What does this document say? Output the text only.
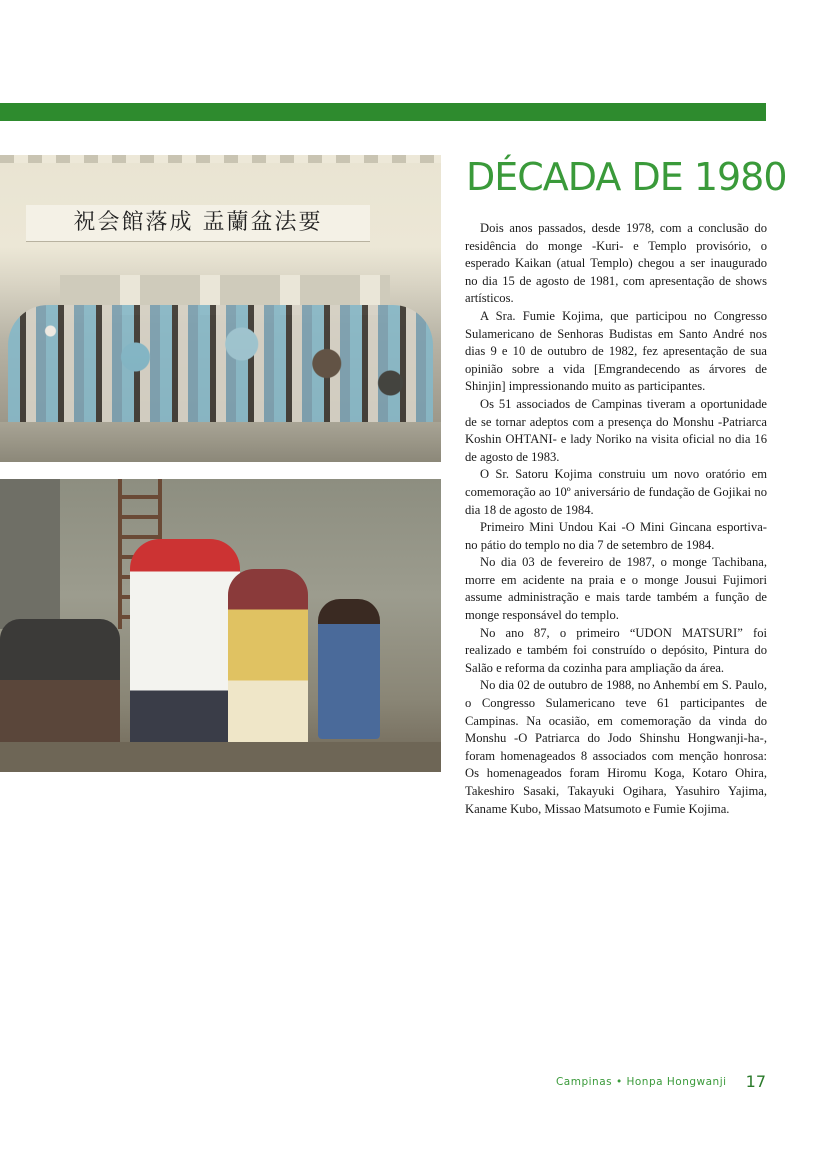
祝会館落成 盂蘭盆法要
DÉCADA DE 1980

Dois anos passados, desde 1978, com a conclusão do residência do monge -Kuri- e Templo provisório, o esperado Kaikan (atual Templo) chegou a ser inaugurado no dia 15 de agosto de 1981, com apresentação de shows artísticos.

A Sra. Fumie Kojima, que participou no Congresso Sulamericano de Senhoras Budistas em Santo André nos dias 9 e 10 de outubro de 1982, fez apresentação de sua opinião sobre a vida [Emgrandecendo as árvores de Shinjin] impressionando muito as participantes.

Os 51 associados de Campinas tiveram a oportunidade de se tornar adeptos com a presença do Monshu -Patriarca Koshin OHTANI- e lady Noriko na visita oficial no dia 16 de agosto de 1983.

O Sr. Satoru Kojima construiu um novo oratório em comemoração ao 10º aniversário de fundação de Gojikai no dia 18 de agosto de 1984.

Primeiro Mini Undou Kai -O Mini Gincana esportiva- no pátio do templo no dia 7 de setembro de 1984.

No dia 03 de fevereiro de 1987, o monge Tachibana, morre em acidente na praia e o monge Jousui Fujimori assume administração e mais tarde também a função de monge responsável do templo.

No ano 87, o primeiro “UDON MATSURI” foi realizado e também foi construído o depósito, Pintura do Salão e reforma da cozinha para ampliação da área.

No dia 02 de outubro de 1988, no Anhembí em S. Paulo, o Congresso Sulamericano teve 61 participantes de Campinas. Na ocasião, em comemoração da vinda do Monshu -O Patriarca do Jodo Shinshu Hongwanji-ha-, foram homenageados 8 associados com menção honrosa: Os homenageados foram Hiromu Koga, Kotaro Ohira, Takeshiro Sasaki, Takayuki Ogihara, Yasuhiro Yajima, Kaname Kubo, Missao Matsumoto e Fumie Kojima.

Campinas • Honpa Hongwanji 17
